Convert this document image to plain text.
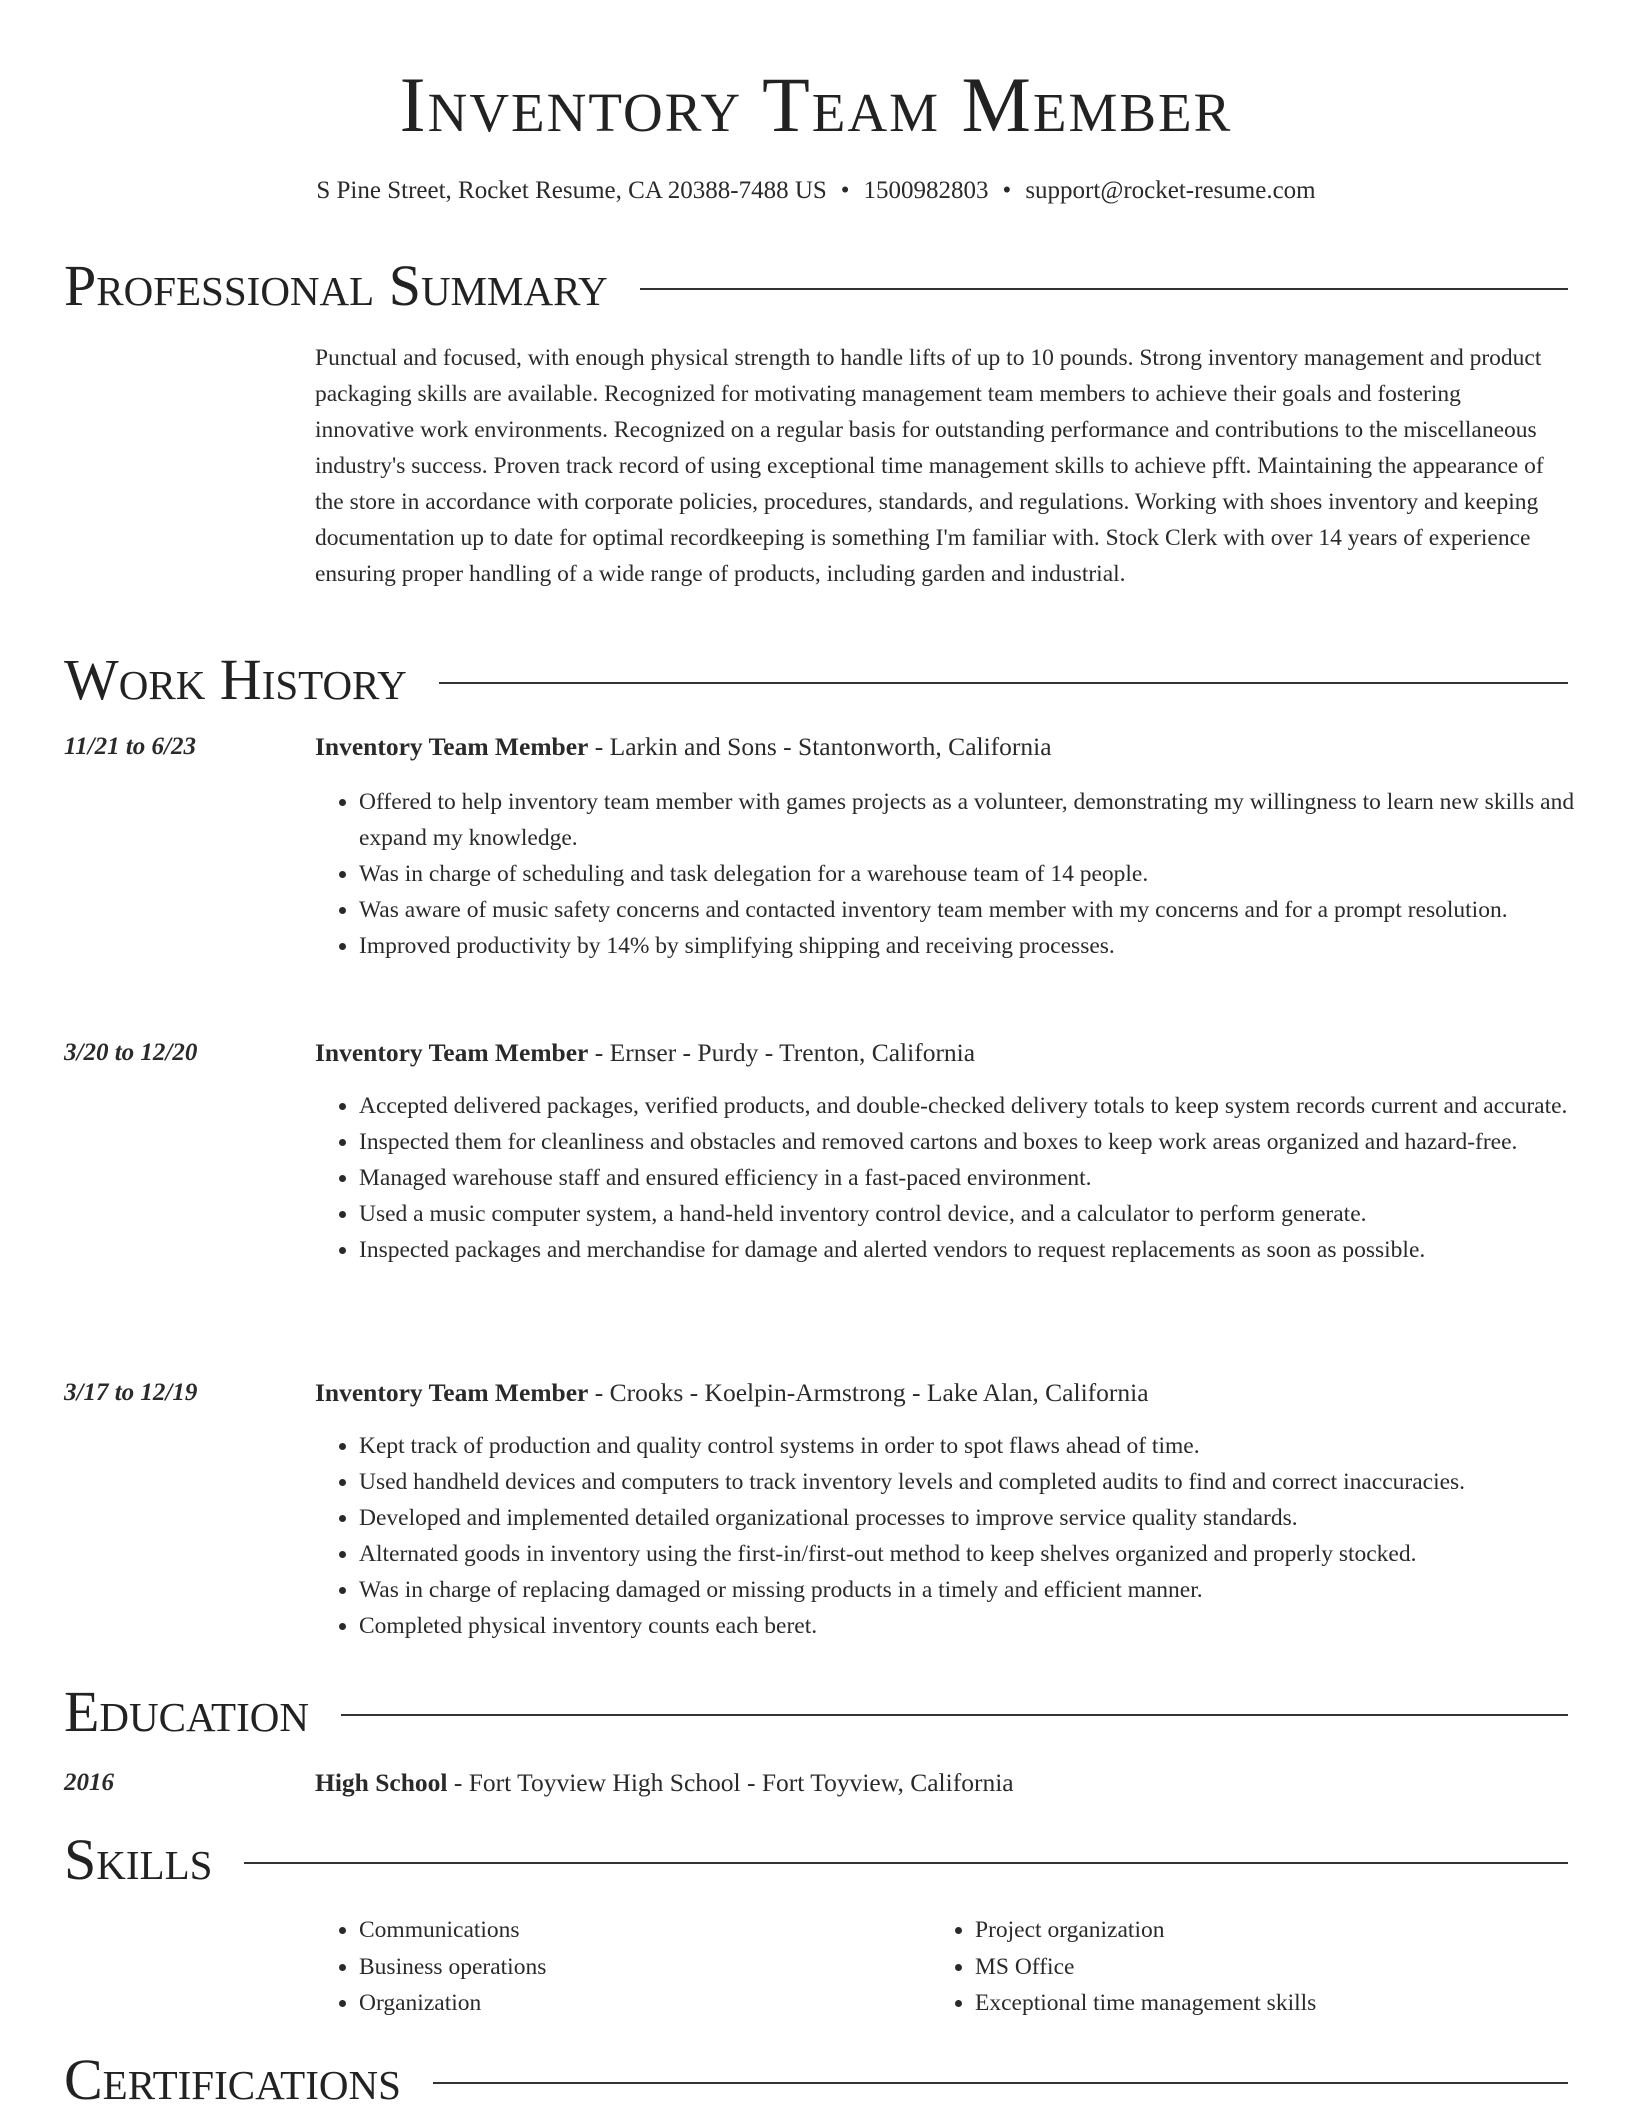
Inventory Team Member
S Pine Street, Rocket Resume, CA 20388-7488 US • 1500982803 • support@rocket-resume.com
Professional Summary
Punctual and focused, with enough physical strength to handle lifts of up to 10 pounds. Strong inventory management and product packaging skills are available. Recognized for motivating management team members to achieve their goals and fostering innovative work environments. Recognized on a regular basis for outstanding performance and contributions to the miscellaneous industry's success. Proven track record of using exceptional time management skills to achieve pfft. Maintaining the appearance of the store in accordance with corporate policies, procedures, standards, and regulations. Working with shoes inventory and keeping documentation up to date for optimal recordkeeping is something I'm familiar with. Stock Clerk with over 14 years of experience ensuring proper handling of a wide range of products, including garden and industrial.
Work History
11/21 to 6/23	Inventory Team Member - Larkin and Sons - Stantonworth, California
• Offered to help inventory team member with games projects as a volunteer, demonstrating my willingness to learn new skills and expand my knowledge.
• Was in charge of scheduling and task delegation for a warehouse team of 14 people.
• Was aware of music safety concerns and contacted inventory team member with my concerns and for a prompt resolution.
• Improved productivity by 14% by simplifying shipping and receiving processes.
3/20 to 12/20	Inventory Team Member - Ernser - Purdy - Trenton, California
• Accepted delivered packages, verified products, and double-checked delivery totals to keep system records current and accurate.
• Inspected them for cleanliness and obstacles and removed cartons and boxes to keep work areas organized and hazard-free.
• Managed warehouse staff and ensured efficiency in a fast-paced environment.
• Used a music computer system, a hand-held inventory control device, and a calculator to perform generate.
• Inspected packages and merchandise for damage and alerted vendors to request replacements as soon as possible.
3/17 to 12/19	Inventory Team Member - Crooks - Koelpin-Armstrong - Lake Alan, California
• Kept track of production and quality control systems in order to spot flaws ahead of time.
• Used handheld devices and computers to track inventory levels and completed audits to find and correct inaccuracies.
• Developed and implemented detailed organizational processes to improve service quality standards.
• Alternated goods in inventory using the first-in/first-out method to keep shelves organized and properly stocked.
• Was in charge of replacing damaged or missing products in a timely and efficient manner.
• Completed physical inventory counts each beret.
Education
2016	High School - Fort Toyview High School - Fort Toyview, California
Skills
• Communications
• Business operations
• Organization
• Project organization
• MS Office
• Exceptional time management skills
Certifications
